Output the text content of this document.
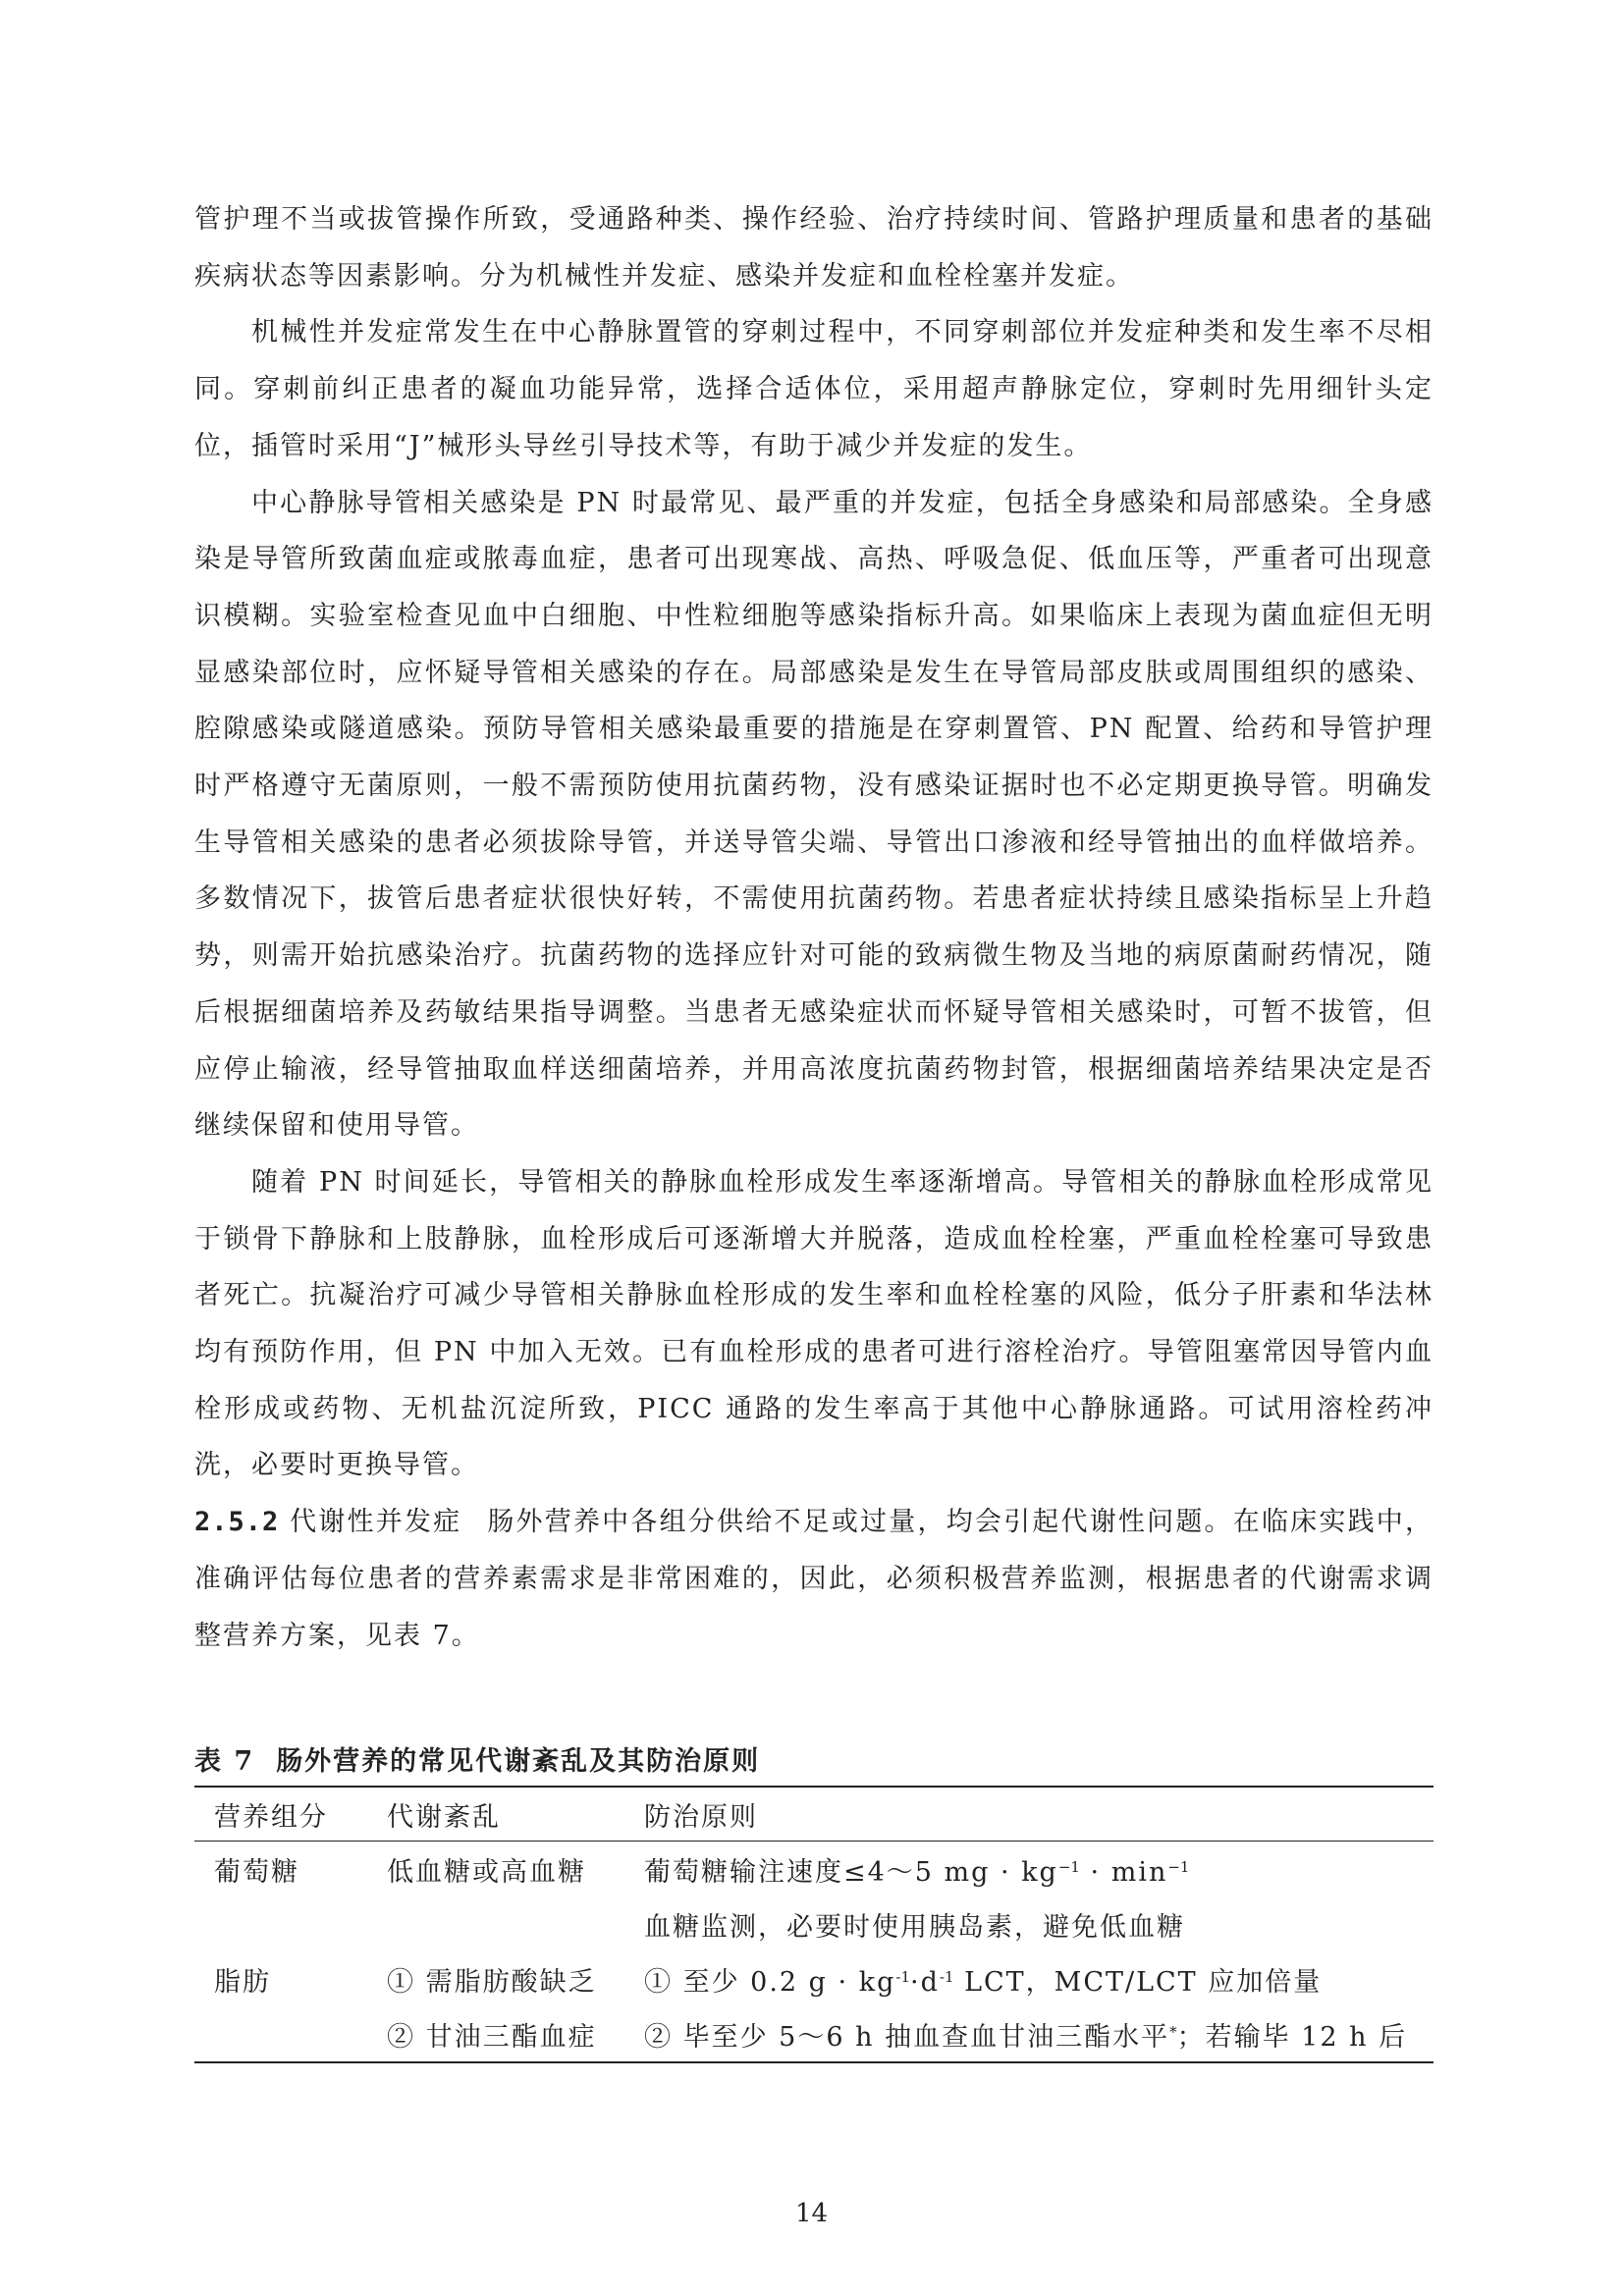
管护理不当或拔管操作所致，受通路种类、操作经验、治疗持续时间、管路护理质量和患者的基础疾病状态等因素影响。分为机械性并发症、感染并发症和血栓栓塞并发症。

机械性并发症常发生在中心静脉置管的穿刺过程中，不同穿刺部位并发症种类和发生率不尽相同。穿刺前纠正患者的凝血功能异常，选择合适体位，采用超声静脉定位，穿刺时先用细针头定位，插管时采用“J”械形头导丝引导技术等，有助于减少并发症的发生。

中心静脉导管相关感染是 PN 时最常见、最严重的并发症，包括全身感染和局部感染。全身感染是导管所致菌血症或脓毒血症，患者可出现寒战、高热、呼吸急促、低血压等，严重者可出现意识模糊。实验室检查见血中白细胞、中性粒细胞等感染指标升高。如果临床上表现为菌血症但无明显感染部位时，应怀疑导管相关感染的存在。局部感染是发生在导管局部皮肤或周围组织的感染、腔隙感染或隧道感染。预防导管相关感染最重要的措施是在穿刺置管、PN 配置、给药和导管护理时严格遵守无菌原则，一般不需预防使用抗菌药物，没有感染证据时也不必定期更换导管。明确发生导管相关感染的患者必须拔除导管，并送导管尖端、导管出口渗液和经导管抽出的血样做培养。多数情况下，拔管后患者症状很快好转，不需使用抗菌药物。若患者症状持续且感染指标呈上升趋势，则需开始抗感染治疗。抗菌药物的选择应针对可能的致病微生物及当地的病原菌耐药情况，随后根据细菌培养及药敏结果指导调整。当患者无感染症状而怀疑导管相关感染时，可暂不拔管，但应停止输液，经导管抽取血样送细菌培养，并用高浓度抗菌药物封管，根据细菌培养结果决定是否继续保留和使用导管。

随着 PN 时间延长，导管相关的静脉血栓形成发生率逐渐增高。导管相关的静脉血栓形成常见于锁骨下静脉和上肢静脉，血栓形成后可逐渐增大并脱落，造成血栓栓塞，严重血栓栓塞可导致患者死亡。抗凝治疗可减少导管相关静脉血栓形成的发生率和血栓栓塞的风险，低分子肝素和华法林均有预防作用，但 PN 中加入无效。已有血栓形成的患者可进行溶栓治疗。导管阻塞常因导管内血栓形成或药物、无机盐沉淀所致，PICC 通路的发生率高于其他中心静脉通路。可试用溶栓药冲洗，必要时更换导管。

2.5.2 代谢性并发症 肠外营养中各组分供给不足或过量，均会引起代谢性问题。在临床实践中，准确评估每位患者的营养素需求是非常困难的，因此，必须积极营养监测，根据患者的代谢需求调整营养方案，见表 7。

表 7 肠外营养的常见代谢紊乱及其防治原则
营养组分	代谢紊乱	防治原则
葡萄糖	低血糖或高血糖	葡萄糖输注速度≤4～5 mg · $kg^{-1} \cdot \min^{-1}$
		血糖监测，必要时使用胰岛素，避免低血糖
脂肪	① 需脂肪酸缺乏	① 至少 0.2 $g \cdot kg^{-1}\cdot d^{-1}$ LCT，MCT/LCT 应加倍量
	② 甘油三酯血症	② 毕至少 5～6 h 抽血查血甘油三酯水平*；若输毕 12 h 后
14
